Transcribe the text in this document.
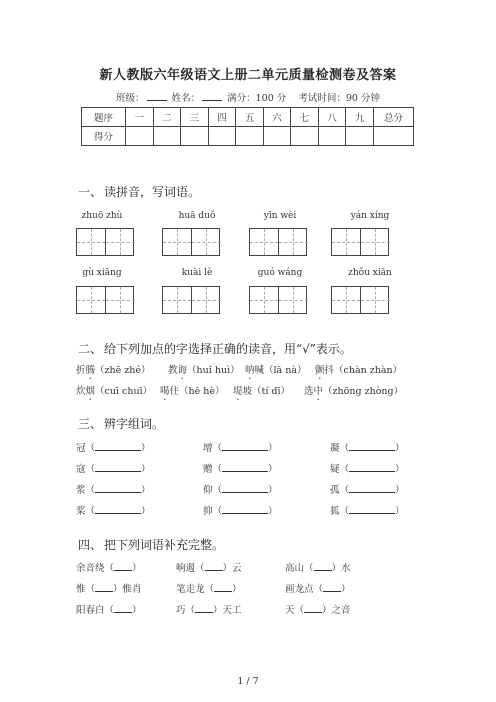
新人教版六年级语文上册二单元质量检测卷及答案
班级：	姓名：	满分：100 分 考试时间：90 分钟
题序	一	二	三	四	五	六	七	八	九	总分
得分										
一、 读拼音，写词语。
zhuō zhù	huā duǒ	yīn wèi	yán xíng
gù xiāng	kuài lè	guó wáng	zhǒu xiān
二、 给下列加点的字选择正确的读音，用“√”表示。
折腾（zhē zhé） 教诲（huǐ huì） 呐喊（lā nà） 颤抖（chàn zhàn）
炊烟（cuī chuī） 喝住（hē hè） 堤坡（tí dī） 选中（zhōng zhòng）
三、 辨字组词。
冠（	）	增（	）	凝（	）
寇（	）	赠（	）	疑（	）
浆（	）	仰（	）	孤（	）
桨（	）	抑（	）	狐（	）
四、 把下列词语补充完整。
余音绕（ ）	响遏（ ）云	高山（ ）水
惟（ ）惟肖	笔走龙（ ）	画龙点（ ）
阳春白（ ）	巧（ ）天工	天（ ）之音
1 / 7
